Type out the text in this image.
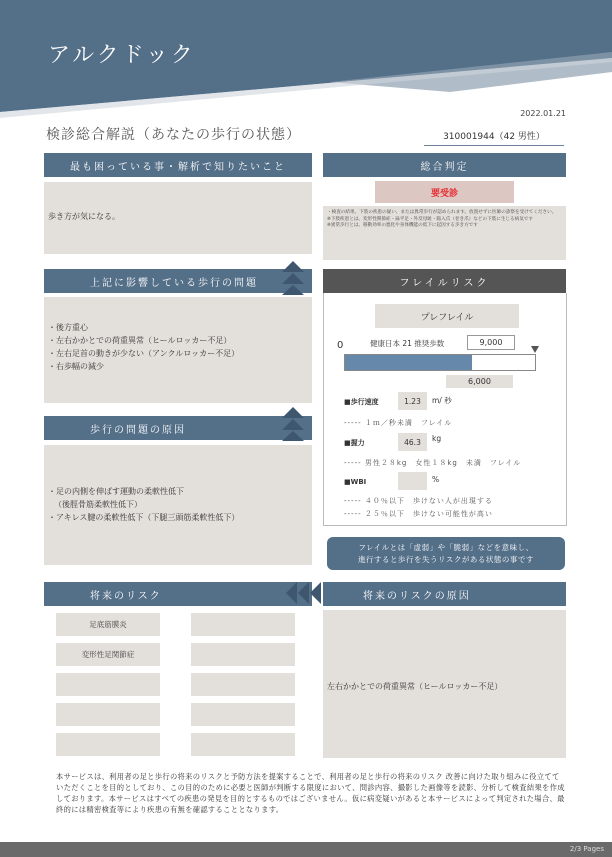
アルクドック
2022.01.21
検診総合解説（あなたの歩行の状態）	310001944（42 男性）
最も困っている事・解析で知りたいこと
歩き方が気になる。
総合判定
要受診
・検査の結果、下肢の疾患の疑い、または異常歩行が認められます。放置せずに医師の診察を受けてください。
※下肢疾患とは、変形性関節症・扁平足・外反母趾・陥入爪（巻き爪）などの下肢に生じる病気です
※異常歩行とは、移動効率の悪化や身体機能の低下に起因する歩き方です
上記に影響している歩行の問題
・後方重心
・左右かかとでの荷重異常（ヒールロッカー不足）
・左右足首の動きが少ない（アンクルロッカー不足）
・右歩幅の減少
歩行の問題の原因
・足の内側を伸ばす運動の柔軟性低下
（後脛骨筋柔軟性低下）
・アキレス腱の柔軟性低下（下腿三頭筋柔軟性低下）
フレイルリスク
プレフレイル
0	健康日本 21 推奨歩数	9,000
6,000
■歩行速度	1.23	m/ 秒
----- １ｍ／秒未満　フレイル
■握力	46.3	kg
----- 男性２８kg　女性１８kg　未満　フレイル
■WBI	%
----- ４０％以下　歩けない人が出現する
----- ２５％以下　歩けない可能性が高い
フレイルとは「虚弱」や「脆弱」などを意味し、
進行すると歩行を失うリスクがある状態の事です
将来のリスク
足底筋膜炎
変形性足関節症
将来のリスクの原因
左右かかとでの荷重異常（ヒールロッカー不足）
本サービスは、利用者の足と歩行の将来のリスクと予防方法を提案することで、利用者の足と歩行の将来のリスク 改善に向けた取り組みに役立てていただくことを目的としており、この目的のために必要と医師が判断する限度において、問診内容、撮影した画像等を読影、分析して検査結果を作成しております。本サービスはすべての疾患の発見を目的とするものではございません。仮に病変疑いがあると本サービスによって判定された場合、最終的には精密検査等により疾患の有無を確認することとなります。
2/3 Pages
